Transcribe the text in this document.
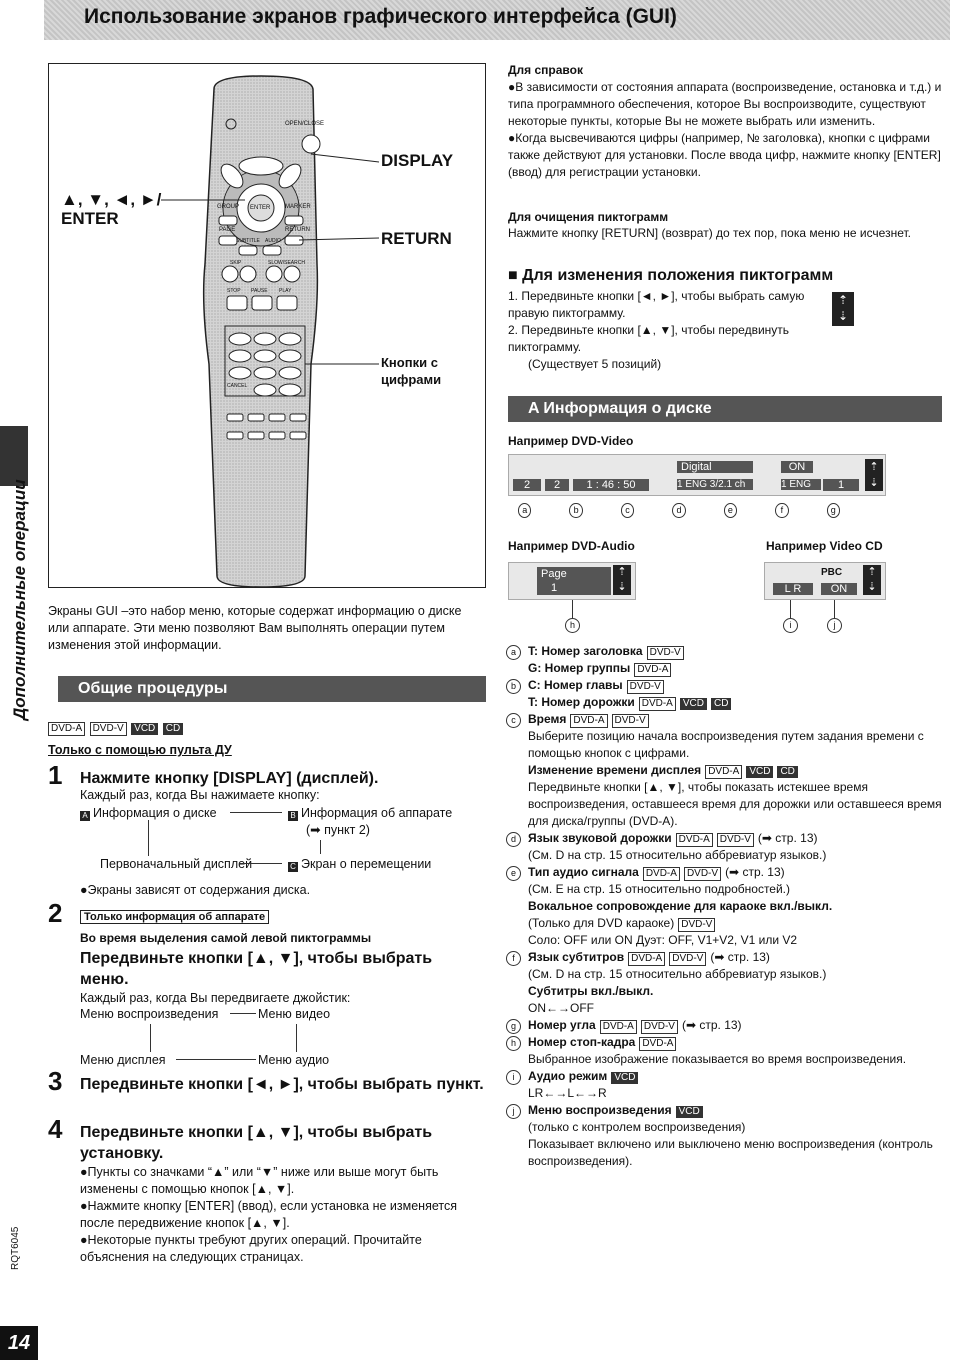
Использование экранов графического интерфейса (GUI)
Дополнительные операции
RQT6045
14
DISPLAY
RETURN
▲, ▼, ◄, ►/
ENTER
Кнопки с цифрами
OPEN/CLOSE
GROUP ENTER MARKER
PAGE	RETURN
SUBTITLE AUDIO
SKIP	SLOW/SEARCH
STOP PAUSE PLAY
CANCEL
Экраны GUI –это набор меню, которые содержат информацию о диске или аппарате. Эти меню позволяют Вам выполнять операции путем изменения этой информации.
Общие процедуры
DVD-A DVD-V VCD CD
Только с помощью пульта ДУ
1 Нажмите кнопку [DISPLAY] (дисплей).
Каждый раз, когда Вы нажимаете кнопку:
A Информация о диске	B Информация об аппарате
(➡ пункт 2)
Первоначальный дисплей	C Экран о перемещении
●Экраны зависят от содержания диска.
2	Только информация об аппарате
Во время выделения самой левой пиктограммы
Передвиньте кнопки [▲, ▼], чтобы выбрать меню.
Каждый раз, когда Вы передвигаете джойстик:
Меню воспроизведения	Меню видео
Меню дисплея	Меню аудио
3 Передвиньте кнопки [◄, ►], чтобы выбрать пункт.
4 Передвиньте кнопки [▲, ▼], чтобы выбрать установку.
●Пункты со значками “▲” или “▼” ниже или выше могут быть изменены с помощью кнопок [▲, ▼].
●Нажмите кнопку [ENTER] (ввод), если установка не изменяется после передвижение кнопок [▲, ▼].
●Некоторые пункты требуют других операций. Прочитайте объяснения на следующих страницах.
Для справок
●В зависимости от состояния аппарата (воспроизведение, остановка и т.д.) и типа программного обеспечения, которое Вы воспроизводите, существуют некоторые пункты, которые Вы не можете выбрать или изменить.
●Когда высвечиваются цифры (например, № заголовка), кнопки с цифрами также действуют для установки. После ввода цифр, нажмите кнопку [ENTER] (ввод) для регистрации установки.
Для очищения пиктограмм
Нажмите кнопку [RETURN] (возврат) до тех пор, пока меню не исчезнет.
■ Для изменения положения пиктограмм
1. Передвиньте кнопки [◄, ►], чтобы выбрать самую правую пиктограмму.
2. Передвиньте кнопки [▲, ▼], чтобы передвинуть пиктограмму.
(Существует 5 позиций)
⇡
⇣
A Информация о диске
Например DVD-Video
2	2	1 : 46 : 50
Digital
1 ENG 3/2.1 ch
ON
1 ENG	1
⇡
⇣
a	b	c	d	e	f	g
Например DVD-Audio	Например Video CD
Page
1
⇡
⇣
PBC
L R	ON
⇡
⇣
h	i	j
a	T: Номер заголовка DVD-V
G: Номер группы DVD-A
b	C: Номер главы DVD-V
T: Номер дорожки DVD-A VCD CD
c	Время DVD-A DVD-V
Выберите позицию начала воспроизведения путем задания времени с помощью кнопок с цифрами.
Изменение времени дисплея DVD-A VCD CD
Передвиньте кнопки [▲, ▼], чтобы показать истекшее время воспроизведения, оставшееся время для дорожки или оставшееся время для диска/группы (DVD-A).
d	Язык звуковой дорожки DVD-A DVD-V (➡ стр. 13)
(См. D на стр. 15 относительно аббревиатур языков.)
e	Тип аудио сигнала DVD-A DVD-V (➡ стр. 13)
(См. E на стр. 15 относительно подробностей.)
Вокальное сопровождение для караоке вкл./выкл.
(Только для DVD караоке) DVD-V
Соло: OFF или ON Дуэт: OFF, V1+V2, V1 или V2
f	Язык субтитров DVD-A DVD-V (➡ стр. 13)
(См. D на стр. 15 относительно аббревиатур языков.)
Субтитры вкл./выкл.
ON←→OFF
g	Номер угла DVD-A DVD-V (➡ стр. 13)
h	Номер стоп-кадра DVD-A
Выбранное изображение показывается во время воспроизведения.
i	Аудио режим VCD
LR←→L←→R
j	Меню воспроизведения VCD
(только с контролем воспроизведения)
Показывает включено или выключено меню воспроизведения (контроль воспроизведения).
